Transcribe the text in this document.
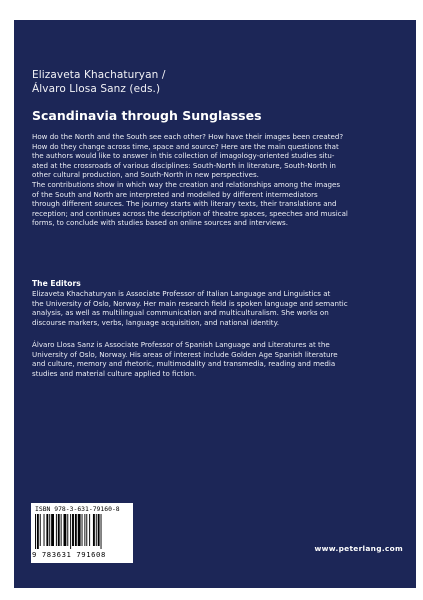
Elizaveta Khachaturyan /
Álvaro Llosa Sanz (eds.)
Scandinavia through Sunglasses

How do the North and the South see each other? How have their images been created?

How do they change across time, space and source? Here are the main questions that

the authors would like to answer in this collection of imagology-oriented studies situ-

ated at the crossroads of various disciplines: South-North in literature, South-North in

other cultural production, and South-North in new perspectives.

The contributions show in which way the creation and relationships among the images

of the South and North are interpreted and modelled by different intermediators

through different sources. The journey starts with literary texts, their translations and

reception; and continues across the description of theatre spaces, speeches and musical

forms, to conclude with studies based on online sources and interviews.

The Editors

Elizaveta Khachaturyan is Associate Professor of Italian Language and Linguistics at

the University of Oslo, Norway. Her main research field is spoken language and semantic

analysis, as well as multilingual communication and multiculturalism. She works on

discourse markers, verbs, language acquisition, and national identity.

Álvaro Llosa Sanz is Associate Professor of Spanish Language and Literatures at the

University of Oslo, Norway. His areas of interest include Golden Age Spanish literature

and culture, memory and rhetoric, multimodality and transmedia, reading and media

studies and material culture applied to fiction.

ISBN 978-3-631-79160-8
9 783631 791608
www.peterlang.com
